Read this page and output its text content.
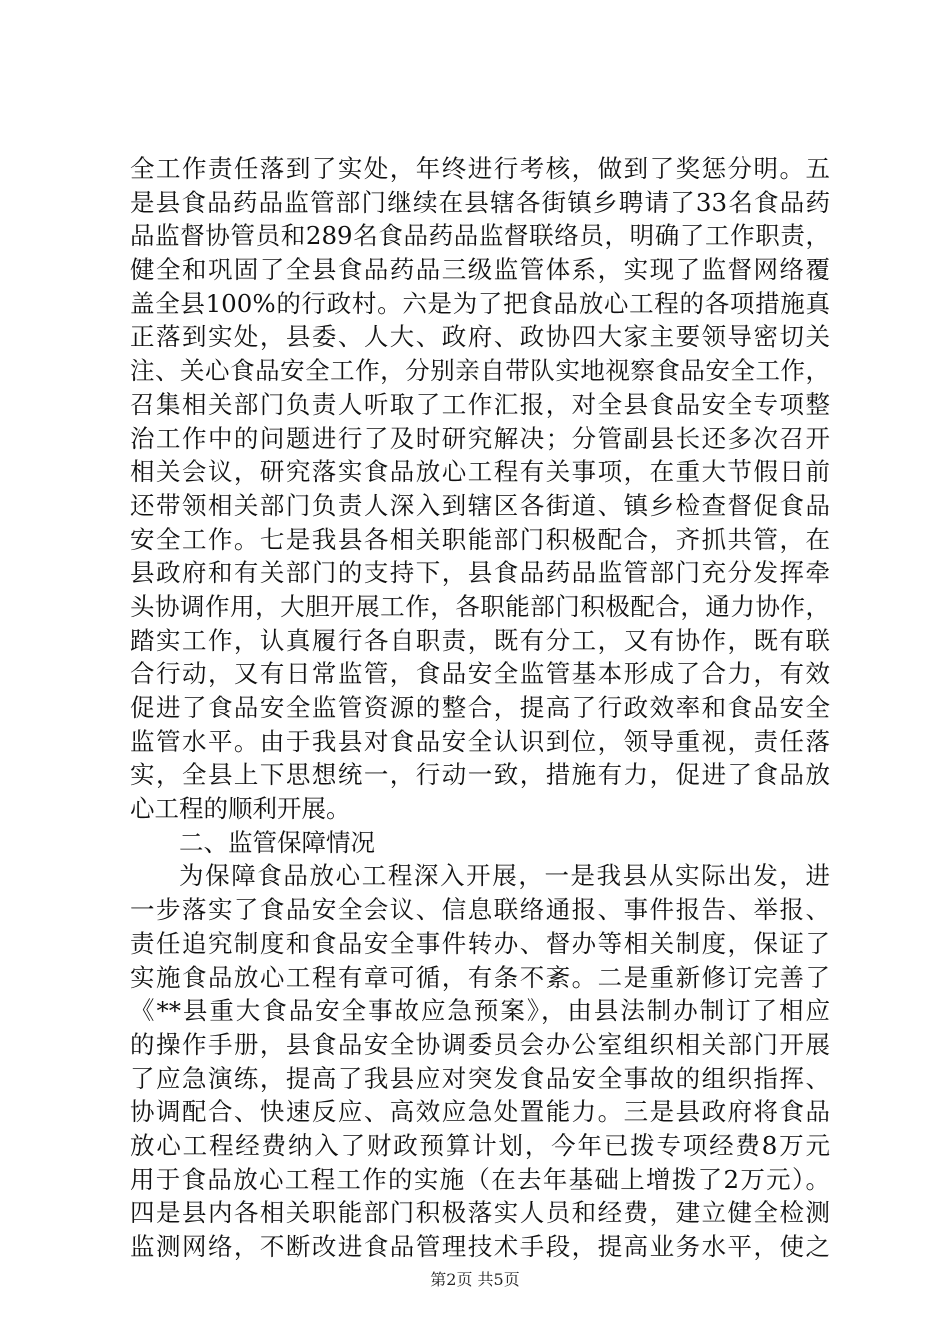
全工作责任落到了实处，年终进行考核，做到了奖惩分明。五
是县食品药品监管部门继续在县辖各街镇乡聘请了33名食品药
品监督协管员和289名食品药品监督联络员，明确了工作职责，
健全和巩固了全县食品药品三级监管体系，实现了监督网络覆
盖全县100%的行政村。六是为了把食品放心工程的各项措施真
正落到实处，县委、人大、政府、政协四大家主要领导密切关
注、关心食品安全工作，分别亲自带队实地视察食品安全工作，
召集相关部门负责人听取了工作汇报，对全县食品安全专项整
治工作中的问题进行了及时研究解决；分管副县长还多次召开
相关会议，研究落实食品放心工程有关事项，在重大节假日前
还带领相关部门负责人深入到辖区各街道、镇乡检查督促食品
安全工作。七是我县各相关职能部门积极配合，齐抓共管，在
县政府和有关部门的支持下，县食品药品监管部门充分发挥牵
头协调作用，大胆开展工作，各职能部门积极配合，通力协作，
踏实工作，认真履行各自职责，既有分工，又有协作，既有联
合行动，又有日常监管，食品安全监管基本形成了合力，有效
促进了食品安全监管资源的整合，提高了行政效率和食品安全
监管水平。由于我县对食品安全认识到位，领导重视，责任落
实，全县上下思想统一，行动一致，措施有力，促进了食品放
心工程的顺利开展。
二、监管保障情况
为保障食品放心工程深入开展，一是我县从实际出发，进
一步落实了食品安全会议、信息联络通报、事件报告、举报、
责任追究制度和食品安全事件转办、督办等相关制度，保证了
实施食品放心工程有章可循，有条不紊。二是重新修订完善了
《**县重大食品安全事故应急预案》，由县法制办制订了相应
的操作手册，县食品安全协调委员会办公室组织相关部门开展
了应急演练，提高了我县应对突发食品安全事故的组织指挥、
协调配合、快速反应、高效应急处置能力。三是县政府将食品
放心工程经费纳入了财政预算计划，今年已拨专项经费8万元
用于食品放心工程工作的实施（在去年基础上增拨了2万元）。
四是县内各相关职能部门积极落实人员和经费，建立健全检测
监测网络，不断改进食品管理技术手段，提高业务水平，使之
第2页 共5页
